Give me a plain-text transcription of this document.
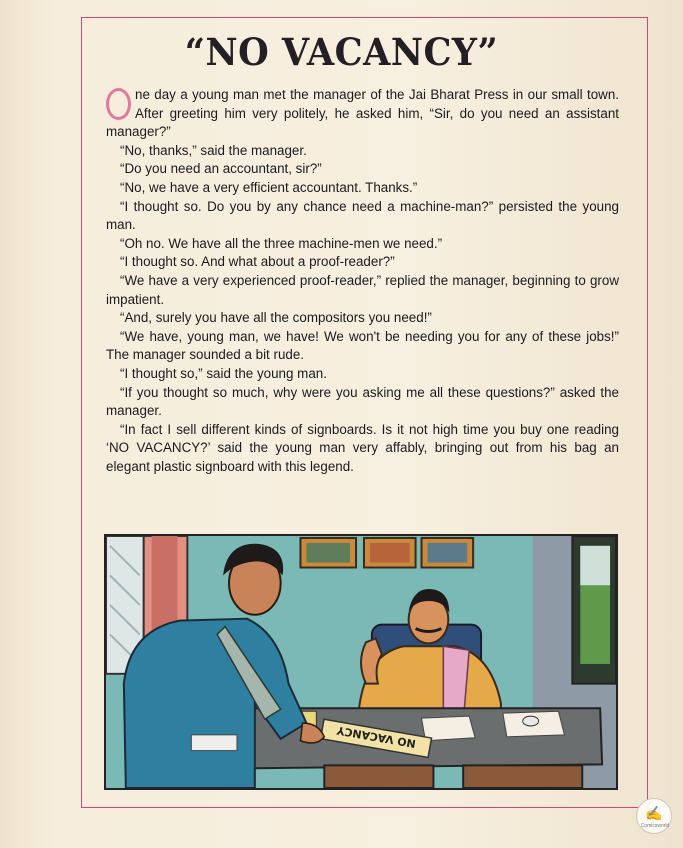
“NO VACANCY”

ne day a young man met the manager of the Jai Bharat Press in our small town. After greeting him very politely, he asked him, “Sir, do you need an assistant manager?”

“No, thanks,” said the manager.

“Do you need an accountant, sir?”

“No, we have a very efficient accountant. Thanks.”

“I thought so. Do you by any chance need a machine-man?” persisted the young man.

“Oh no. We have all the three machine-men we need.”

“I thought so. And what about a proof-reader?”

“We have a very experienced proof-reader,” replied the manager, beginning to grow impatient.

“And, surely you have all the compositors you need!”

“We have, young man, we have! We won't be needing you for any of these jobs!” The manager sounded a bit rude.

“I thought so,” said the young man.

“If you thought so much, why were you asking me all these questions?” asked the manager.

“In fact I sell different kinds of signboards. Is it not high time you buy one reading ‘NO VACANCY?’ said the young man very affably, bringing out from his bag an elegant plastic signboard with this legend.

NO VACANCY
✍
Comicsworld
